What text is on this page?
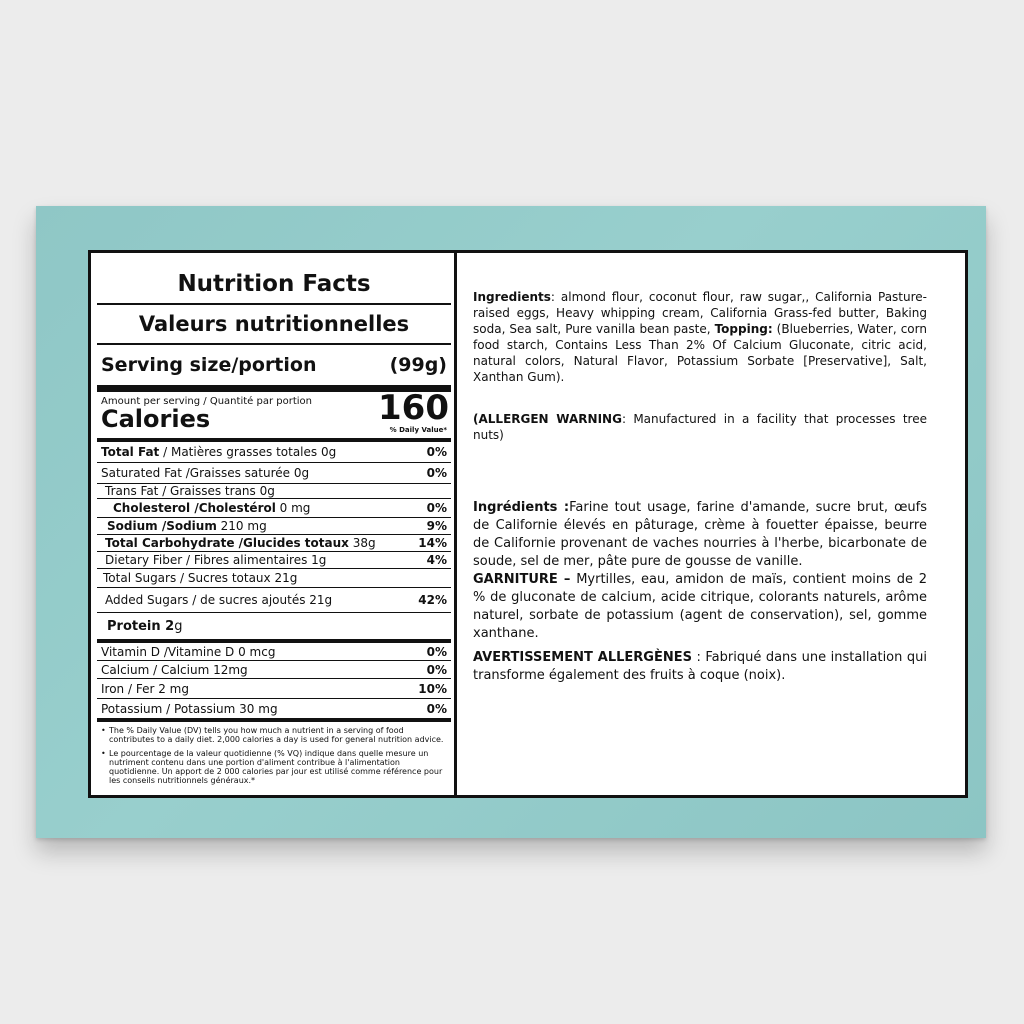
Nutrition Facts
Valeurs nutritionnelles
Serving size/portion	(99g)
Amount per serving / Quantité par portion
Calories	160
% Daily Value*
Total Fat / Matières grasses totales 0g	0%
Saturated Fat /Graisses saturée 0g	0%
Trans Fat / Graisses trans 0g
Cholesterol /Cholestérol 0 mg	0%
Sodium /Sodium 210 mg	9%
Total Carbohydrate /Glucides totaux 38g	14%
Dietary Fiber / Fibres alimentaires 1g	4%
Total Sugars / Sucres totaux 21g
Added Sugars / de sucres ajoutés 21g	42%
Protein 2g
Vitamin D /Vitamine D 0 mcg	0%
Calcium / Calcium 12mg	0%
Iron / Fer 2 mg	10%
Potassium / Potassium 30 mg	0%
• The % Daily Value (DV) tells you how much a nutrient in a serving of food contributes to a daily diet. 2,000 calories a day is used for general nutrition advice.
• Le pourcentage de la valeur quotidienne (% VQ) indique dans quelle mesure un nutriment contenu dans une portion d'aliment contribue à l'alimentation quotidienne. Un apport de 2 000 calories par jour est utilisé comme référence pour les conseils nutritionnels généraux.*

Ingredients: almond flour, coconut flour, raw sugar,, California Pasture-raised eggs, Heavy whipping cream, California Grass-fed butter, Baking soda, Sea salt, Pure vanilla bean paste, Topping: (Blueberries, Water, corn food starch, Contains Less Than 2% Of Calcium Gluconate, citric acid, natural colors, Natural Flavor, Potassium Sorbate [Preservative], Salt, Xanthan Gum).

(ALLERGEN WARNING: Manufactured in a facility that processes tree nuts)

Ingrédients :Farine tout usage, farine d'amande, sucre brut, œufs de Californie élevés en pâturage, crème à fouetter épaisse, beurre de Californie provenant de vaches nourries à l'herbe, bicarbonate de soude, sel de mer, pâte pure de gousse de vanille.
GARNITURE – Myrtilles, eau, amidon de maïs, contient moins de 2 % de gluconate de calcium, acide citrique, colorants naturels, arôme naturel, sorbate de potassium (agent de conservation), sel, gomme xanthane.

AVERTISSEMENT ALLERGÈNES : Fabriqué dans une installation qui transforme également des fruits à coque (noix).
